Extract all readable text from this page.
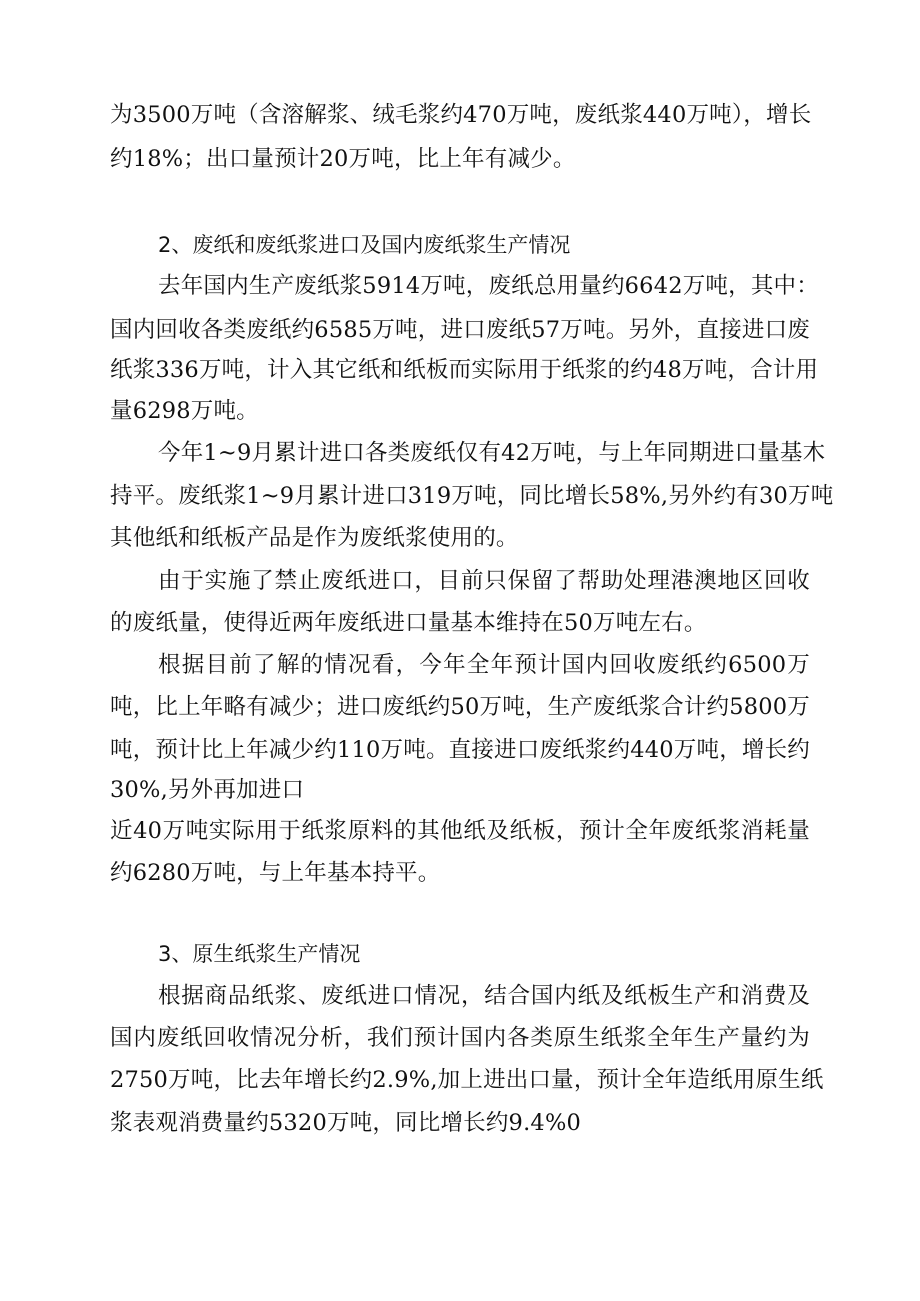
为3500万吨（含溶解浆、绒毛浆约470万吨，废纸浆440万吨），增长
约18%；出口量预计20万吨，比上年有减少。
2、废纸和废纸浆进口及国内废纸浆生产情况
去年国内生产废纸浆5914万吨，废纸总用量约6642万吨，其中：
国内回收各类废纸约6585万吨，进口废纸57万吨。另外，直接进口废
纸浆336万吨，计入其它纸和纸板而实际用于纸浆的约48万吨，合计用
量6298万吨。
今年1~9月累计进口各类废纸仅有42万吨，与上年同期进口量基木
持平。废纸浆1~9月累计进口319万吨，同比增长58%,另外约有30万吨
其他纸和纸板产品是作为废纸浆使用的。
由于实施了禁止废纸进口，目前只保留了帮助处理港澳地区回收
的废纸量，使得近两年废纸进口量基本维持在50万吨左右。
根据目前了解的情况看，今年全年预计国内回收废纸约6500万
吨，比上年略有减少；进口废纸约50万吨，生产废纸浆合计约5800万
吨，预计比上年减少约110万吨。直接进口废纸浆约440万吨，增长约
30%,另外再加进口
近40万吨实际用于纸浆原料的其他纸及纸板，预计全年废纸浆消耗量
约6280万吨，与上年基本持平。
3、原生纸浆生产情况
根据商品纸浆、废纸进口情况，结合国内纸及纸板生产和消费及
国内废纸回收情况分析，我们预计国内各类原生纸浆全年生产量约为
2750万吨，比去年增长约2.9%,加上进出口量，预计全年造纸用原生纸
浆表观消费量约5320万吨，同比增长约9.4%0
